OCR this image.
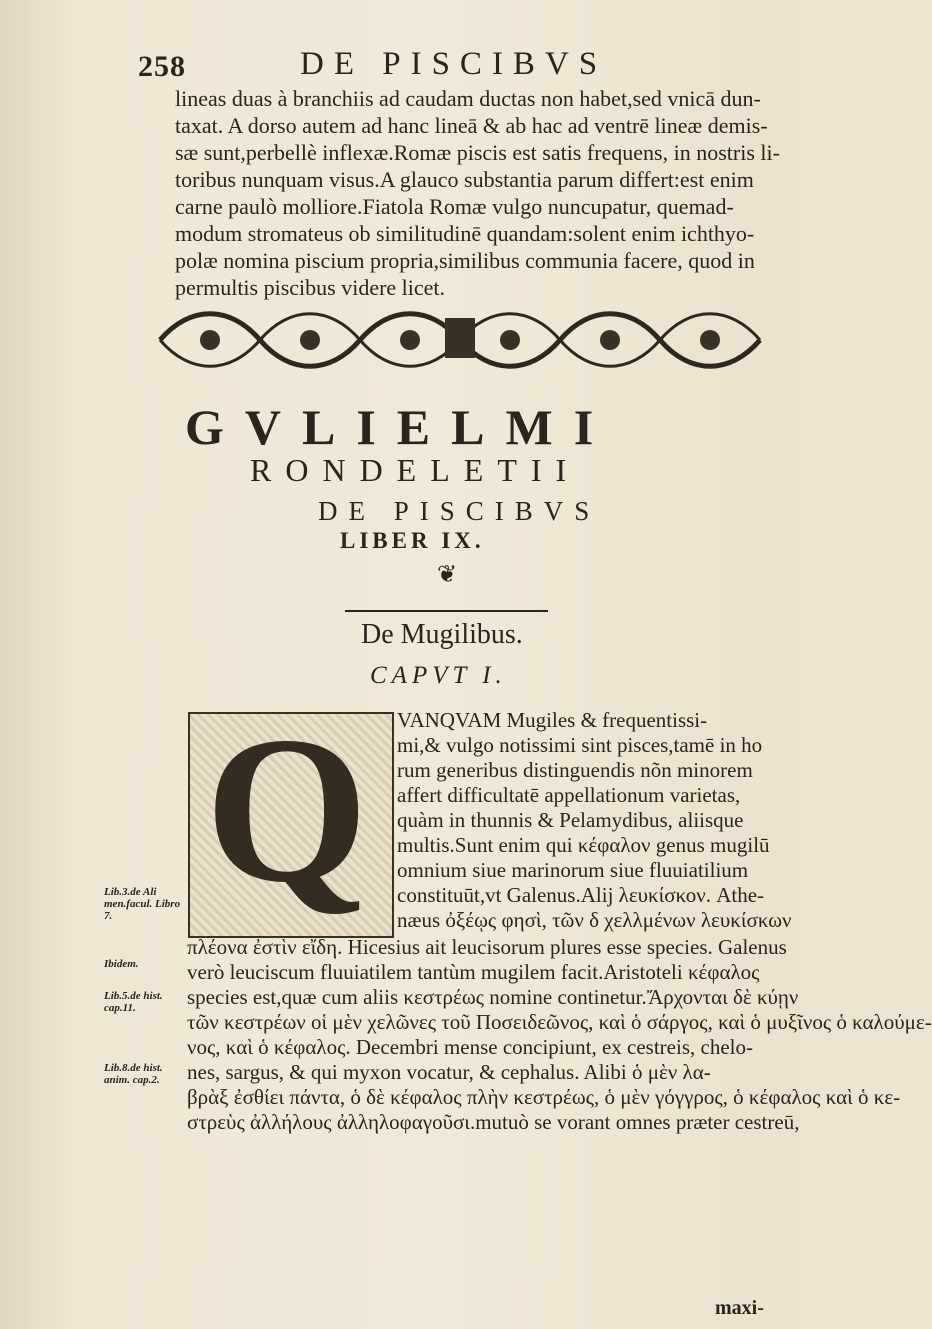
258	DE PISCIBVS
lineas duas à branchiis ad caudam ductas non habet,sed vnicā dun-
taxat. A dorso autem ad hanc lineā & ab hac ad ventrē lineæ demis-
sæ sunt,perbellè inflexæ.Romæ piscis est satis frequens, in nostris li-
toribus nunquam visus.A glauco substantia parum differt:est enim
carne paulò molliore.Fiatola Romæ vulgo nuncupatur, quemad-
modum stromateus ob similitudinē quandam:solent enim ichthyo-
polæ nomina piscium propria,similibus communia facere, quod in
permultis piscibus videre licet.
GVLIELMI
RONDELETII
DE PISCIBVS
LIBER IX.
❦
De Mugilibus.
CAPVT I.
Q VANQVAM Mugiles & frequentissi-
mi,& vulgo notissimi sint pisces,tamē in ho
rum generibus distinguendis nõn minorem
affert difficultatē appellationum varietas,
quàm in thunnis & Pelamydibus, aliisque
multis.Sunt enim qui κέφαλον genus mugilū
omnium siue marinorum siue fluuiatilium
constituūt,vt Galenus.Alij λευκίσκον. Athe-
næus ὀξέῳς φησὶ, τῶν δ χελλμένων λευκίσκων
πλέονα ἐστὶν εἴδη. Hicesius ait leucisorum plures esse species. Galenus
verò leuciscum fluuiatilem tantùm mugilem facit.Aristoteli κέφαλος
species est,quæ cum aliis κεστρέως nomine continetur.Ἄρχονται δὲ κύῃν
τῶν κεστρέων οἱ μὲν χελῶνες τοῦ Ποσειδεῶνος, καὶ ὁ σάργος, καὶ ὁ μυξῖνος ὁ καλούμε-
νος, καὶ ὁ κέφαλος. Decembri mense concipiunt, ex cestreis, chelo-
nes, sargus, & qui myxon vocatur, & cephalus. Alibi ὁ μὲν λα-
βρὰξ ἐσθίει πάντα, ὁ δὲ κέφαλος πλὴν κεστρέως, ὁ μὲν γόγγρος, ὁ κέφαλος καὶ ὁ κε-
στρεὺς ἀλλήλους ἀλληλοφαγοῦσι.mutuò se vorant omnes præter cestreū,
Lib.3.de Ali men.facul. Libro 7.
Ibidem.
Lib.5.de hist. cap.11.
Lib.8.de hist. anim. cap.2.
maxi-
